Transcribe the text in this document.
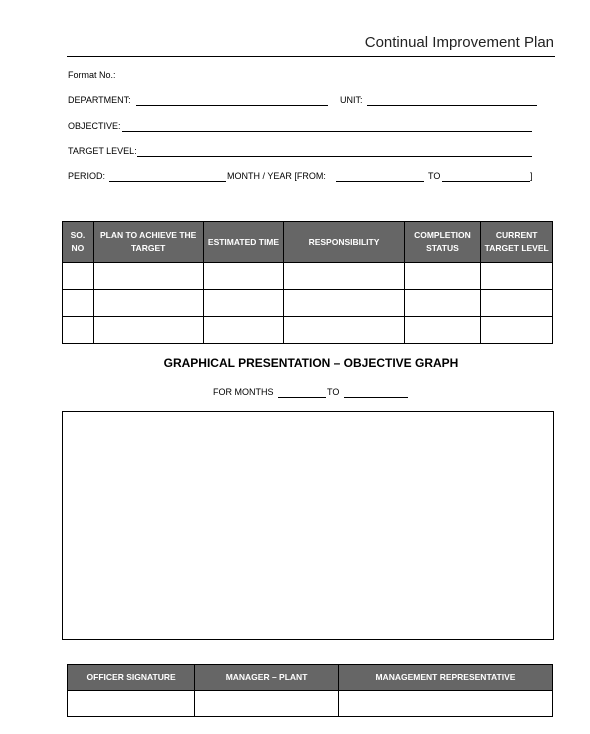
Continual Improvement Plan
Format No.:
DEPARTMENT:	UNIT:
OBJECTIVE:
TARGET LEVEL:
PERIOD:	MONTH / YEAR [FROM:	TO	]
SO. NO	PLAN TO ACHIEVE THE TARGET	ESTIMATED TIME	RESPONSIBILITY	COMPLETION STATUS	CURRENT TARGET LEVEL

GRAPHICAL PRESENTATION – OBJECTIVE GRAPH
FOR MONTHS	TO
OFFICER SIGNATURE	MANAGER – PLANT	MANAGEMENT REPRESENTATIVE
